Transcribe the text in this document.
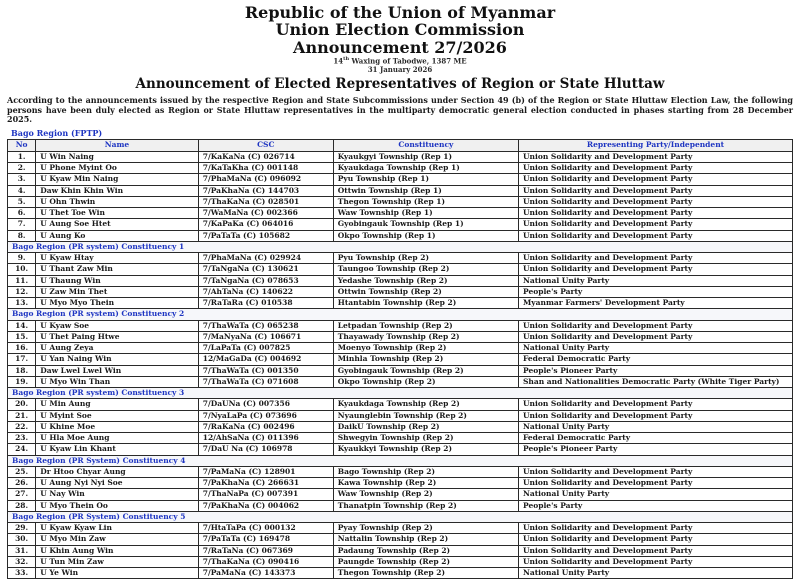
Republic of the Union of Myanmar
Union Election Commission
Announcement 27/2026
14th Waxing of Tabodwe, 1387 ME
31 January 2026
Announcement of Elected Representatives of Region or State Hluttaw

According to the announcements issued by the respective Region and State Subcommissions under Section 49 (b) of the Region or State Hluttaw Election Law, the following persons have been duly elected as Region or State Hluttaw representatives in the multiparty democratic general election conducted in phases starting from 28 December 2025.

Bago Region (FPTP)
No	Name	CSC	Constituency	Representing Party/Independent
1.	U Win Naing	7/KaKaNa (C) 026714	Kyaukgyi Township (Rep 1)	Union Solidarity and Development Party
2.	U Phone Myint Oo	7/KaTaKha (C) 001148	Kyaukdaga Township (Rep 1)	Union Solidarity and Development Party
3.	U Kyaw Min Naing	7/PhaMaNa (C) 096092	Pyu Township (Rep 1)	Union Solidarity and Development Party
4.	Daw Khin Khin Win	7/PaKhaNa (C) 144703	Ottwin Township (Rep 1)	Union Solidarity and Development Party
5.	U Ohn Thwin	7/ThaKaNa (C) 028501	Thegon Township (Rep 1)	Union Solidarity and Development Party
6.	U Thet Toe Win	7/WaMaNa (C) 002366	Waw Township (Rep 1)	Union Solidarity and Development Party
7.	U Aung Soe Htet	7/KaPaKa (C) 064016	Gyobingauk Township (Rep 1)	Union Solidarity and Development Party
8.	U Aung Ko	7/PaTaTa (C) 105682	Okpo Township (Rep 1)	Union Solidarity and Development Party
Bago Region (PR system) Constituency 1				
9.	U Kyaw Htay	7/PhaMaNa (C) 029924	Pyu Township (Rep 2)	Union Solidarity and Development Party
10.	U Thant Zaw Min	7/TaNgaNa (C) 130621	Taungoo Township (Rep 2)	Union Solidarity and Development Party
11.	U Thaung Win	7/TaNgaNa (C) 078653	Yedashe Township (Rep 2)	National Unity Party
12.	U Zaw Min Thet	7/AhTaNa (C) 140622	Ottwin Township (Rep 2)	People's Party
13.	U Myo Myo Thein	7/RaTaRa (C) 010538	Htantabin Township (Rep 2)	Myanmar Farmers' Development Party
Bago Region (PR system) Constituency 2				
14.	U Kyaw Soe	7/ThaWaTa (C) 065238	Letpadan Township (Rep 2)	Union Solidarity and Development Party
15.	U Thet Paing Htwe	7/MaNyaNa (C) 106671	Thayawady Township (Rep 2)	Union Solidarity and Development Party
16.	U Aung Zeya	7/LaPaTa (C) 007825	Moenyo Township (Rep 2)	National Unity Party
17.	U Yan Naing Win	12/MaGaDa (C) 004692	Minhla Township (Rep 2)	Federal Democratic Party
18.	Daw Lwel Lwel Win	7/ThaWaTa (C) 001350	Gyobingauk Township (Rep 2)	People's Pioneer Party
19.	U Myo Win Than	7/ThaWaTa (C) 071608	Okpo Township (Rep 2)	Shan and Nationalities Democratic Party (White Tiger Party)
Bago Region (PR system) Constituency 3				
20.	U Min Aung	7/DaUNa (C) 007356	Kyaukdaga Township (Rep 2)	Union Solidarity and Development Party
21.	U Myint Soe	7/NyaLaPa (C) 073696	Nyaunglebin Township (Rep 2)	Union Solidarity and Development Party
22.	U Khine Moe	7/RaKaNa (C) 002496	DaikU Township (Rep 2)	National Unity Party
23.	U Hla Moe Aung	12/AhSaNa (C) 011396	Shwegyin Township (Rep 2)	Federal Democratic Party
24.	U Kyaw Lin Khant	7/DaU Na (C) 106978	Kyaukkyi Township (Rep 2)	People's Pioneer Party
Bago Region (PR System) Constituency 4				
25.	Dr Htoo Chyar Aung	7/PaMaNa (C) 128901	Bago Township (Rep 2)	Union Solidarity and Development Party
26.	U Aung Nyi Nyi Soe	7/PaKhaNa (C) 266631	Kawa Township (Rep 2)	Union Solidarity and Development Party
27.	U Nay Win	7/ThaNaPa (C) 007391	Waw Township (Rep 2)	National Unity Party
28.	U Myo Thein Oo	7/PaKhaNa (C) 004062	Thanatpin Township (Rep 2)	People's Party
Bago Region (PR System) Constituency 5				
29.	U Kyaw Kyaw Lin	7/HtaTaPa (C) 000132	Pyay Township (Rep 2)	Union Solidarity and Development Party
30.	U Myo Min Zaw	7/PaTaTa (C) 169478	Nattalin Township (Rep 2)	Union Solidarity and Development Party
31.	U Khin Aung Win	7/RaTaNa (C) 067369	Padaung Township (Rep 2)	Union Solidarity and Development Party
32.	U Tun Min Zaw	7/ThaKaNa (C) 090416	Paungde Township (Rep 2)	Union Solidarity and Development Party
33.	U Ye Win	7/PaMaNa (C) 143373	Thegon Township (Rep 2)	National Unity Party
